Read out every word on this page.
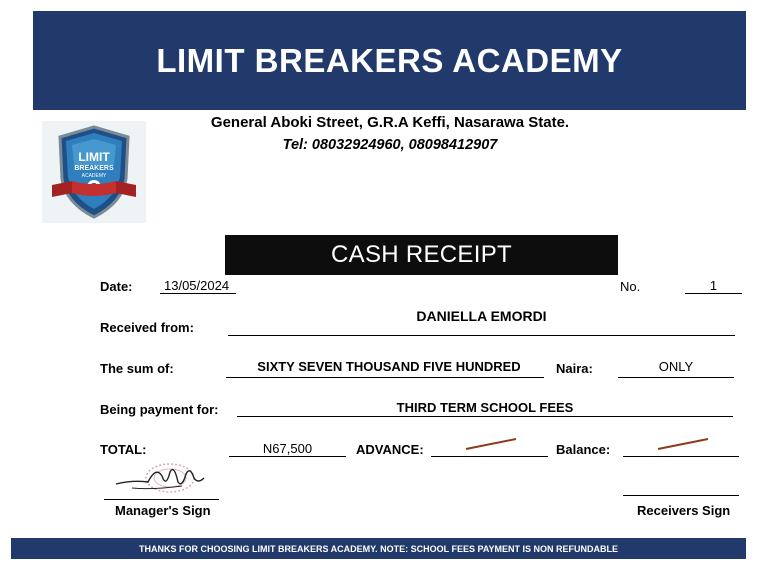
LIMIT BREAKERS ACADEMY
LIMIT
BREAKERS
ACADEMY
General Aboki Street, G.R.A Keffi, Nasarawa State.
Tel: 08032924960, 08098412907
CASH RECEIPT
Date: 13/05/2024	No.	1
Received from:
DANIELLA EMORDI
The sum of:	SIXTY SEVEN THOUSAND FIVE HUNDRED	Naira:	ONLY
Being payment for:	THIRD TERM SCHOOL FEES
TOTAL:	N67,500	ADVANCE:	Balance:
Manager's Sign	Receivers Sign
THANKS FOR CHOOSING LIMIT BREAKERS ACADEMY. NOTE: SCHOOL FEES PAYMENT IS NON REFUNDABLE
